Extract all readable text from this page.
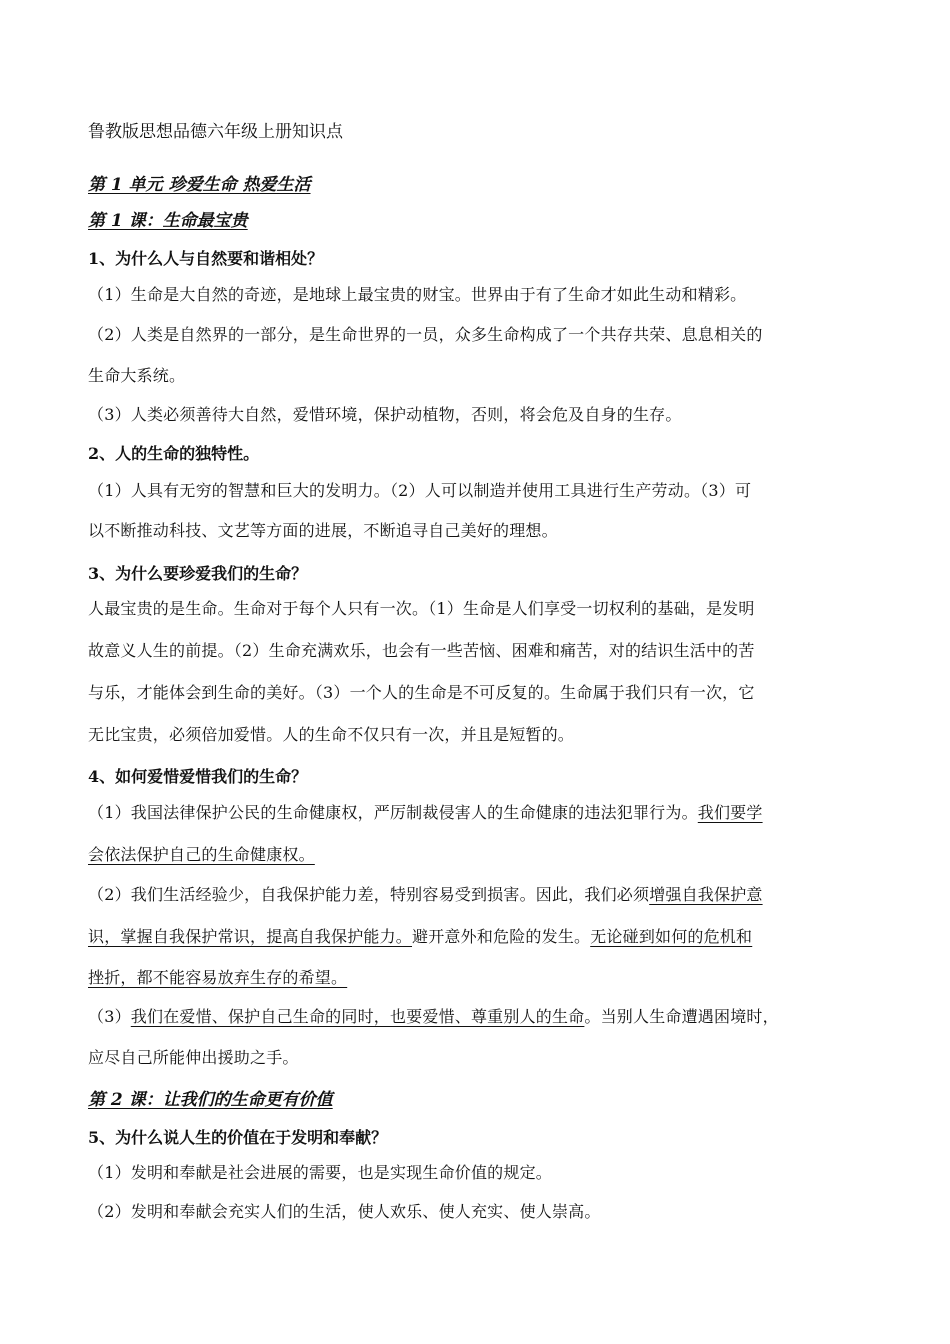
鲁教版思想品德六年级上册知识点
第 1 单元 珍爱生命 热爱生活
第 1 课：生命最宝贵
1、为什么人与自然要和谐相处？
（1）生命是大自然的奇迹，是地球上最宝贵的财宝。世界由于有了生命才如此生动和精彩。
（2）人类是自然界的一部分，是生命世界的一员，众多生命构成了一个共存共荣、息息相关的
生命大系统。
（3）人类必须善待大自然，爱惜环境，保护动植物，否则，将会危及自身的生存。
2、人的生命的独特性。
（1）人具有无穷的智慧和巨大的发明力。（2）人可以制造并使用工具进行生产劳动。（3）可
以不断推动科技、文艺等方面的进展，不断追寻自己美好的理想。
3、为什么要珍爱我们的生命？
人最宝贵的是生命。生命对于每个人只有一次。（1）生命是人们享受一切权利的基础，是发明
故意义人生的前提。（2）生命充满欢乐，也会有一些苦恼、困难和痛苦，对的结识生活中的苦
与乐，才能体会到生命的美好。（3）一个人的生命是不可反复的。生命属于我们只有一次，它
无比宝贵，必须倍加爱惜。人的生命不仅只有一次，并且是短暂的。
4、如何爱惜爱惜我们的生命？
（1）我国法律保护公民的生命健康权，严厉制裁侵害人的生命健康的违法犯罪行为。我们要学
会依法保护自己的生命健康权。
（2）我们生活经验少，自我保护能力差，特别容易受到损害。因此，我们必须增强自我保护意
识，掌握自我保护常识，提高自我保护能力。避开意外和危险的发生。无论碰到如何的危机和
挫折，都不能容易放弃生存的希望。
（3）我们在爱惜、保护自己生命的同时，也要爱惜、尊重别人的生命。当别人生命遭遇困境时，
应尽自己所能伸出援助之手。
第 2 课：让我们的生命更有价值
5、为什么说人生的价值在于发明和奉献？
（1）发明和奉献是社会进展的需要，也是实现生命价值的规定。
（2）发明和奉献会充实人们的生活，使人欢乐、使人充实、使人崇高。
